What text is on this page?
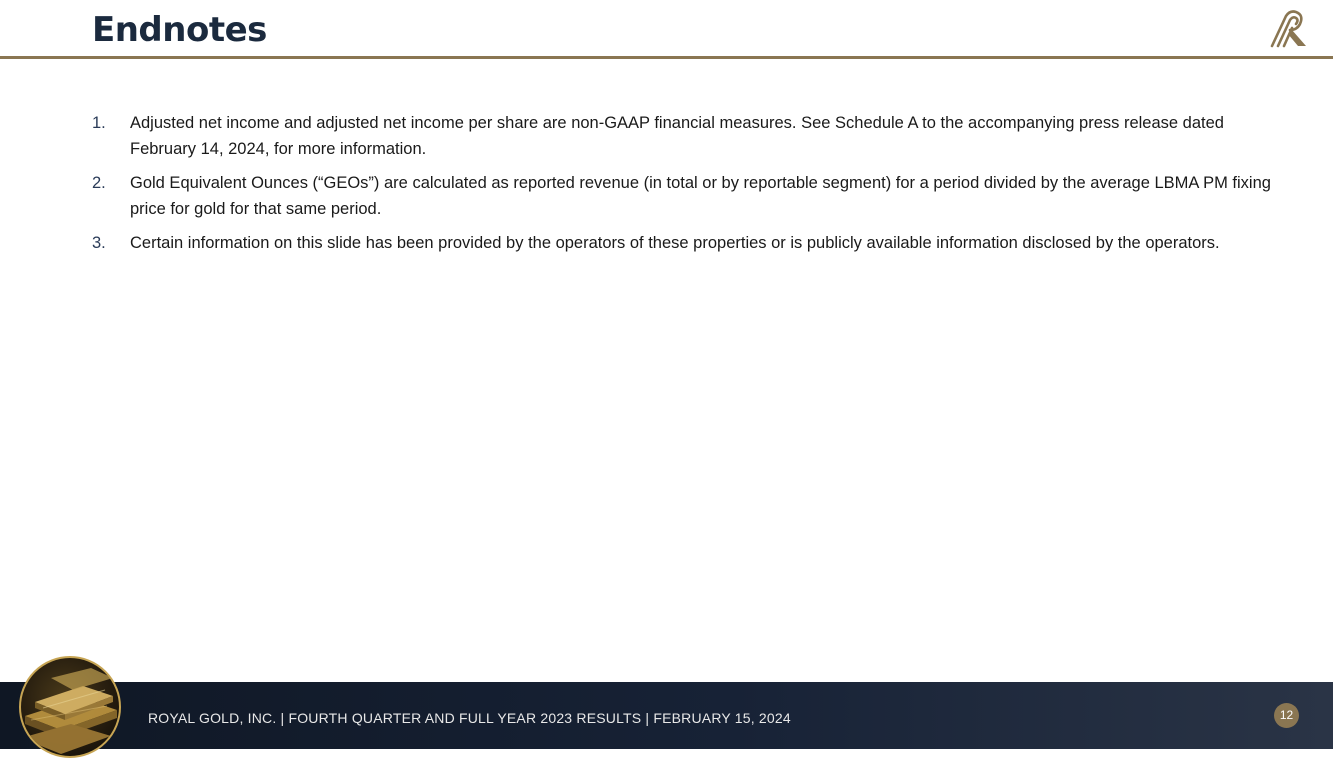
Endnotes
1. Adjusted net income and adjusted net income per share are non-GAAP financial measures. See Schedule A to the accompanying press release dated February 14, 2024, for more information.
2. Gold Equivalent Ounces (“GEOs”) are calculated as reported revenue (in total or by reportable segment) for a period divided by the average LBMA PM fixing price for gold for that same period.
3. Certain information on this slide has been provided by the operators of these properties or is publicly available information disclosed by the operators.
ROYAL GOLD, INC. | FOURTH QUARTER AND FULL YEAR 2023 RESULTS | FEBRUARY 15, 2024	12
